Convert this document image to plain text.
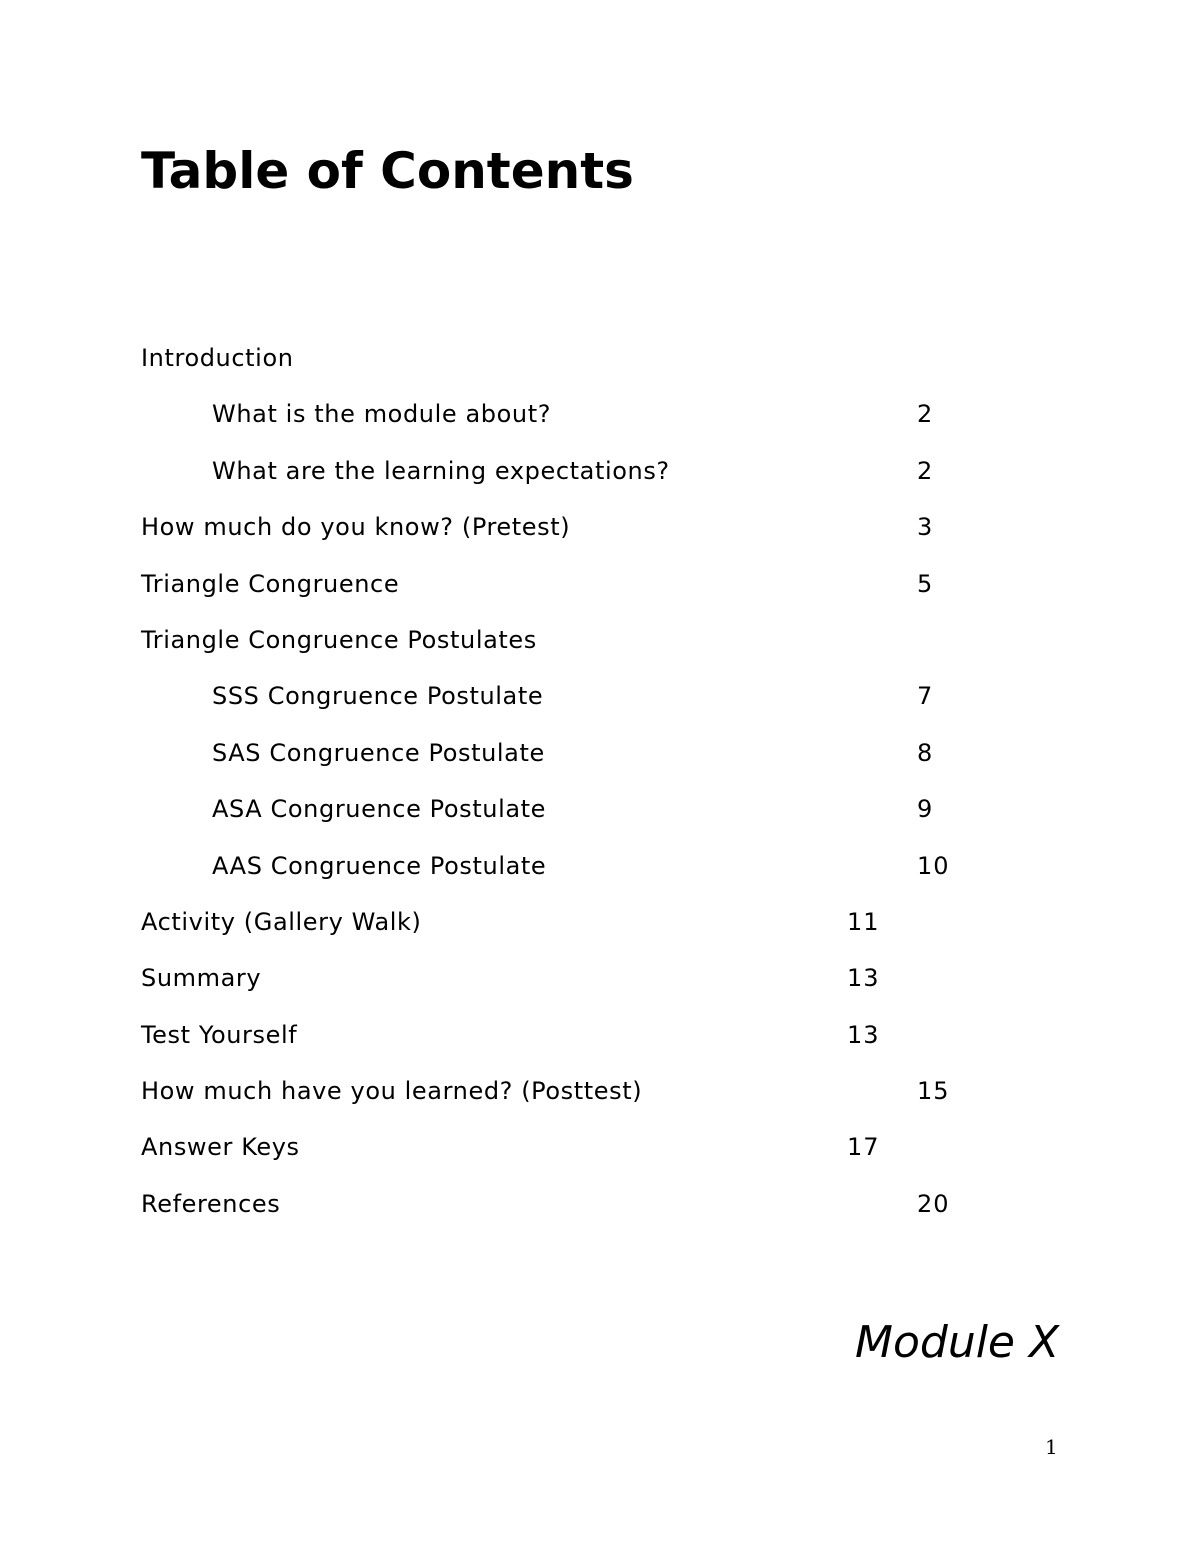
Table of Contents
Introduction
What is the module about?	2
What are the learning expectations?	2
How much do you know? (Pretest)	3
Triangle Congruence	5
Triangle Congruence Postulates
SSS Congruence Postulate	7
SAS Congruence Postulate	8
ASA Congruence Postulate	9
AAS Congruence Postulate	10
Activity (Gallery Walk)	11
Summary	13
Test Yourself	13
How much have you learned? (Posttest)	15
Answer Keys	17
References	20
Module X
1
